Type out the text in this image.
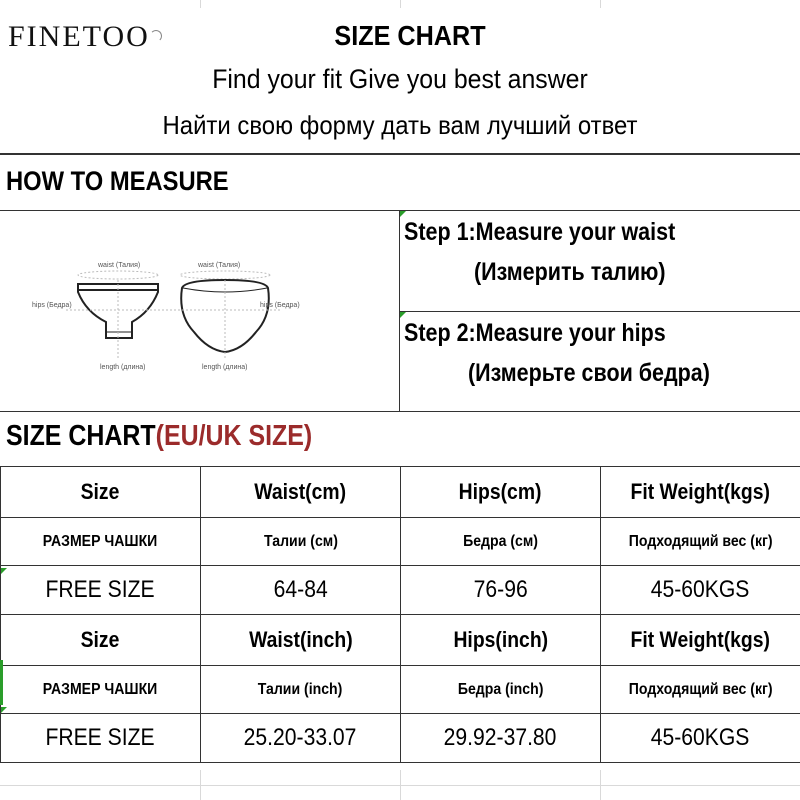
FINETOO	SIZE CHART
Find your fit Give you best answer
Найти свою форму дать вам лучший ответ
HOW TO MEASURE
waist (Талия)	waist (Талия)
hips (Бедра)	hips (Бедра)
length (длина)	length (длина)
Step 1:Measure your waist
(Измерить талию)
Step 2:Measure your hips
(Измерьте свои бедра)
SIZE CHART(EU/UK SIZE)
Size	Waist(cm)	Hips(cm)	Fit Weight(kgs)
РАЗМЕР ЧАШКИ	Талии (см)	Бедра (см)	Подходящий вес (кг)
FREE SIZE	64-84	76-96	45-60KGS
Size	Waist(inch)	Hips(inch)	Fit Weight(kgs)
РАЗМЕР ЧАШКИ	Талии (inch)	Бедра (inch)	Подходящий вес (кг)
FREE SIZE	25.20-33.07	29.92-37.80	45-60KGS
